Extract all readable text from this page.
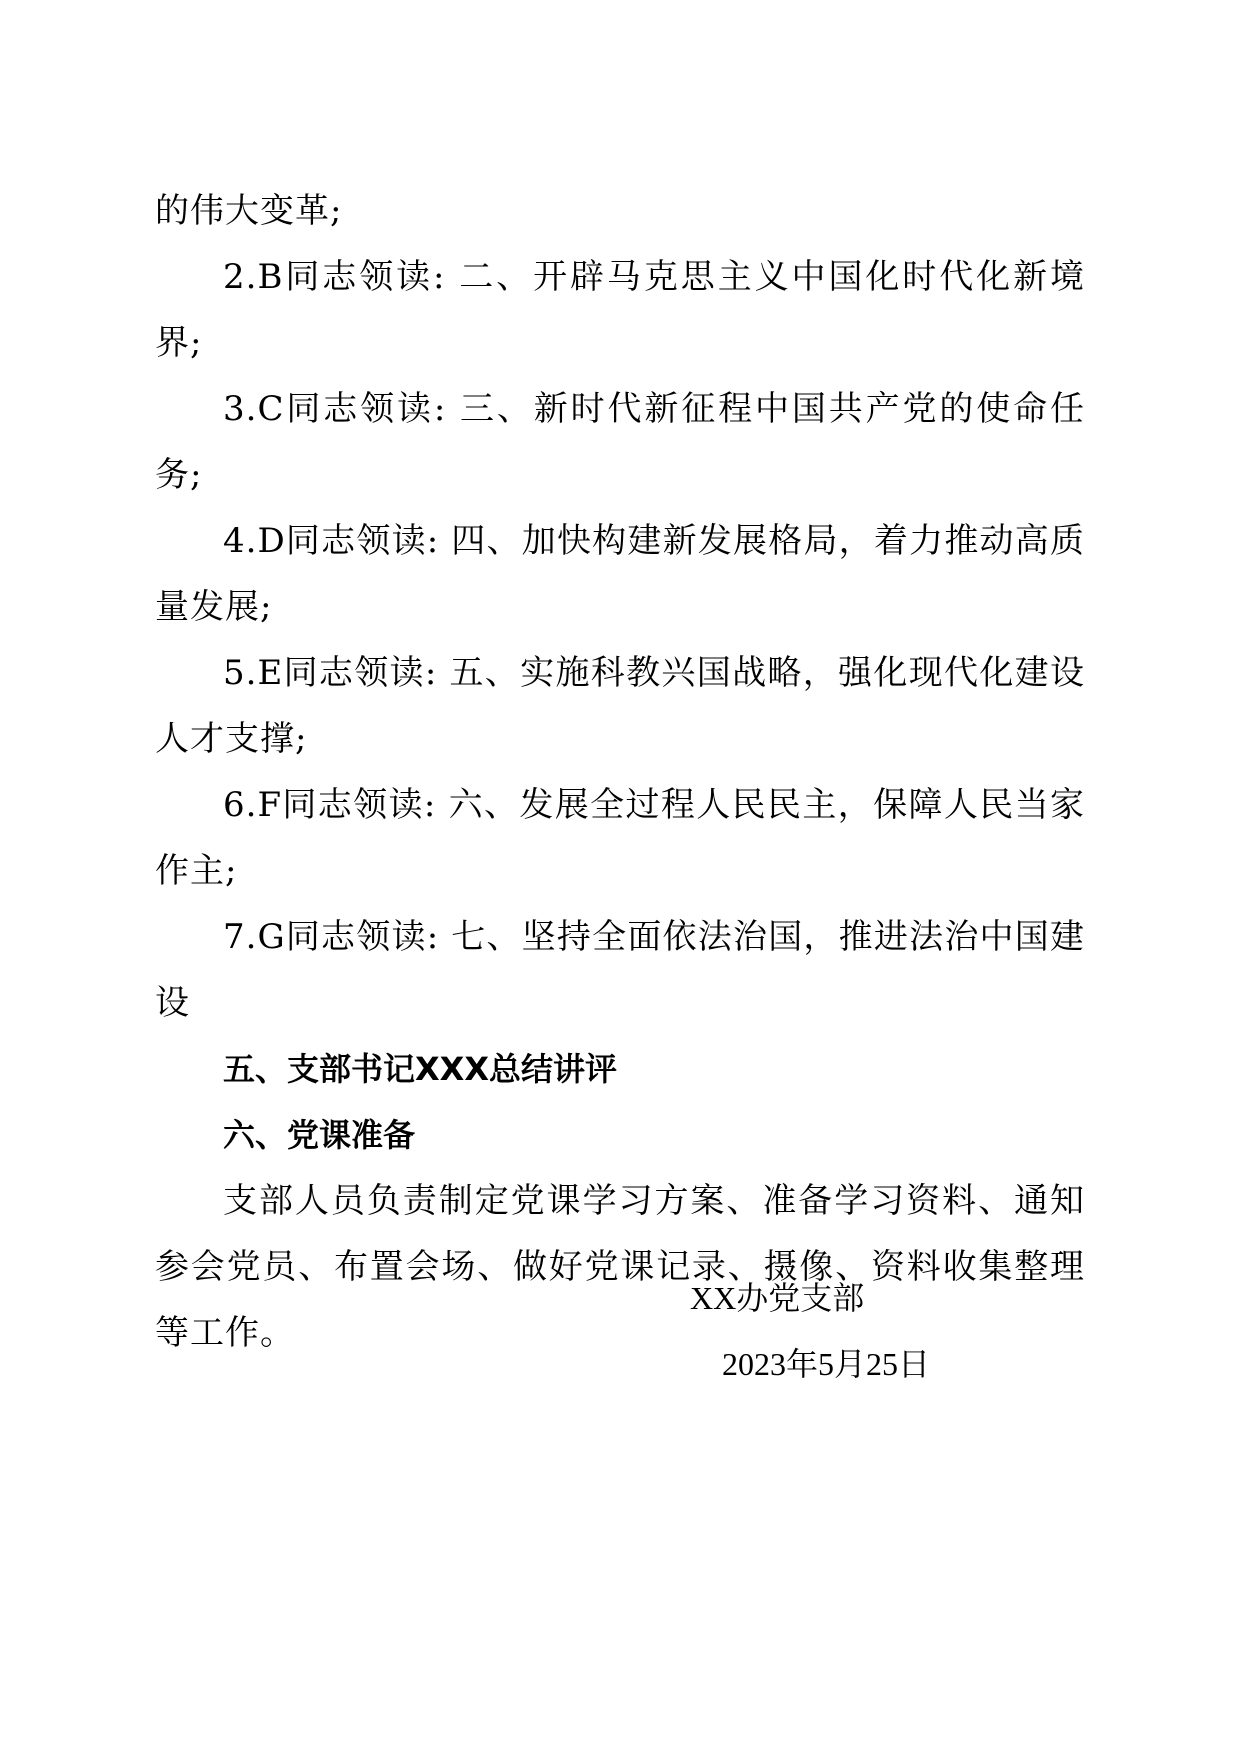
的伟大变革;

2.B同志领读: 二、开辟马克思主义中国化时代化新境界;

3.C同志领读: 三、新时代新征程中国共产党的使命任务;

4.D同志领读: 四、加快构建新发展格局，着力推动高质量发展;

5.E同志领读: 五、实施科教兴国战略，强化现代化建设人才支撑;

6.F同志领读: 六、发展全过程人民民主，保障人民当家作主;

7.G同志领读: 七、坚持全面依法治国，推进法治中国建设

五、支部书记XXX总结讲评

六、党课准备

支部人员负责制定党课学习方案、准备学习资料、通知参会党员、布置会场、做好党课记录、摄像、资料收集整理等工作。

XX办党支部
2023年5月25日
